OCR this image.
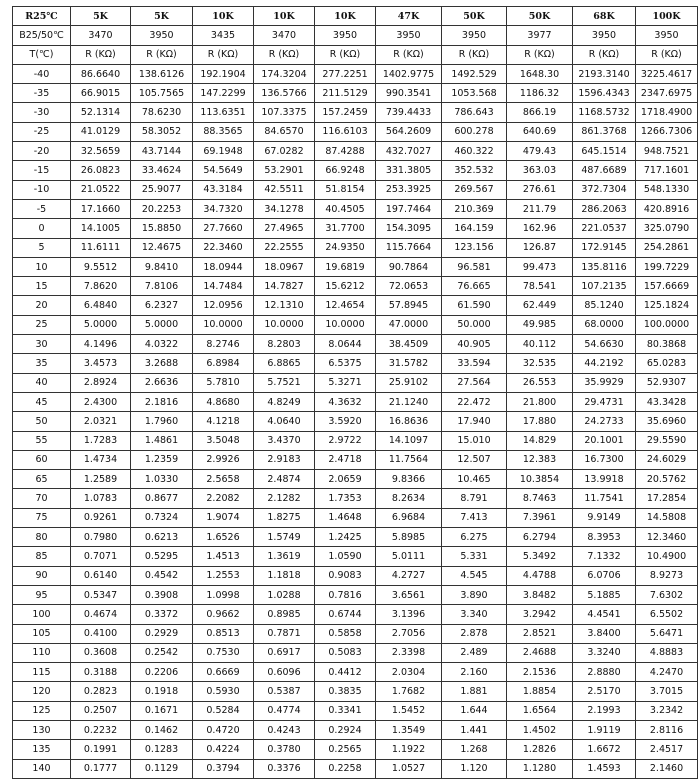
R25℃	5K	5K	10K	10K	10K	47K	50K	50K	68K	100K
B25/50℃	3470	3950	3435	3470	3950	3950	3950	3977	3950	3950
T(℃)	R (KΩ)	R (KΩ)	R (KΩ)	R (KΩ)	R (KΩ)	R (KΩ)	R (KΩ)	R (KΩ)	R (KΩ)	R (KΩ)
-40	86.6640	138.6126	192.1904	174.3204	277.2251	1402.9775	1492.529	1648.30	2193.3140	3225.4617
-35	66.9015	105.7565	147.2299	136.5766	211.5129	990.3541	1053.568	1186.32	1596.4343	2347.6975
-30	52.1314	78.6230	113.6351	107.3375	157.2459	739.4433	786.643	866.19	1168.5732	1718.4900
-25	41.0129	58.3052	88.3565	84.6570	116.6103	564.2609	600.278	640.69	861.3768	1266.7306
-20	32.5659	43.7144	69.1948	67.0282	87.4288	432.7027	460.322	479.43	645.1514	948.7521
-15	26.0823	33.4624	54.5649	53.2901	66.9248	331.3805	352.532	363.03	487.6689	717.1601
-10	21.0522	25.9077	43.3184	42.5511	51.8154	253.3925	269.567	276.61	372.7304	548.1330
-5	17.1660	20.2253	34.7320	34.1278	40.4505	197.7464	210.369	211.79	286.2063	420.8916
0	14.1005	15.8850	27.7660	27.4965	31.7700	154.3095	164.159	162.96	221.0537	325.0790
5	11.6111	12.4675	22.3460	22.2555	24.9350	115.7664	123.156	126.87	172.9145	254.2861
10	9.5512	9.8410	18.0944	18.0967	19.6819	90.7864	96.581	99.473	135.8116	199.7229
15	7.8620	7.8106	14.7484	14.7827	15.6212	72.0653	76.665	78.541	107.2135	157.6669
20	6.4840	6.2327	12.0956	12.1310	12.4654	57.8945	61.590	62.449	85.1240	125.1824
25	5.0000	5.0000	10.0000	10.0000	10.0000	47.0000	50.000	49.985	68.0000	100.0000
30	4.1496	4.0322	8.2746	8.2803	8.0644	38.4509	40.905	40.112	54.6630	80.3868
35	3.4573	3.2688	6.8984	6.8865	6.5375	31.5782	33.594	32.535	44.2192	65.0283
40	2.8924	2.6636	5.7810	5.7521	5.3271	25.9102	27.564	26.553	35.9929	52.9307
45	2.4300	2.1816	4.8680	4.8249	4.3632	21.1240	22.472	21.800	29.4731	43.3428
50	2.0321	1.7960	4.1218	4.0640	3.5920	16.8636	17.940	17.880	24.2733	35.6960
55	1.7283	1.4861	3.5048	3.4370	2.9722	14.1097	15.010	14.829	20.1001	29.5590
60	1.4734	1.2359	2.9926	2.9183	2.4718	11.7564	12.507	12.383	16.7300	24.6029
65	1.2589	1.0330	2.5658	2.4874	2.0659	9.8366	10.465	10.3854	13.9918	20.5762
70	1.0783	0.8677	2.2082	2.1282	1.7353	8.2634	8.791	8.7463	11.7541	17.2854
75	0.9261	0.7324	1.9074	1.8275	1.4648	6.9684	7.413	7.3961	9.9149	14.5808
80	0.7980	0.6213	1.6526	1.5749	1.2425	5.8985	6.275	6.2794	8.3953	12.3460
85	0.7071	0.5295	1.4513	1.3619	1.0590	5.0111	5.331	5.3492	7.1332	10.4900
90	0.6140	0.4542	1.2553	1.1818	0.9083	4.2727	4.545	4.4788	6.0706	8.9273
95	0.5347	0.3908	1.0998	1.0288	0.7816	3.6561	3.890	3.8482	5.1885	7.6302
100	0.4674	0.3372	0.9662	0.8985	0.6744	3.1396	3.340	3.2942	4.4541	6.5502
105	0.4100	0.2929	0.8513	0.7871	0.5858	2.7056	2.878	2.8521	3.8400	5.6471
110	0.3608	0.2542	0.7530	0.6917	0.5083	2.3398	2.489	2.4688	3.3240	4.8883
115	0.3188	0.2206	0.6669	0.6096	0.4412	2.0304	2.160	2.1536	2.8880	4.2470
120	0.2823	0.1918	0.5930	0.5387	0.3835	1.7682	1.881	1.8854	2.5170	3.7015
125	0.2507	0.1671	0.5284	0.4774	0.3341	1.5452	1.644	1.6564	2.1993	3.2342
130	0.2232	0.1462	0.4720	0.4243	0.2924	1.3549	1.441	1.4502	1.9119	2.8116
135	0.1991	0.1283	0.4224	0.3780	0.2565	1.1922	1.268	1.2826	1.6672	2.4517
140	0.1777	0.1129	0.3794	0.3376	0.2258	1.0527	1.120	1.1280	1.4593	2.1460
